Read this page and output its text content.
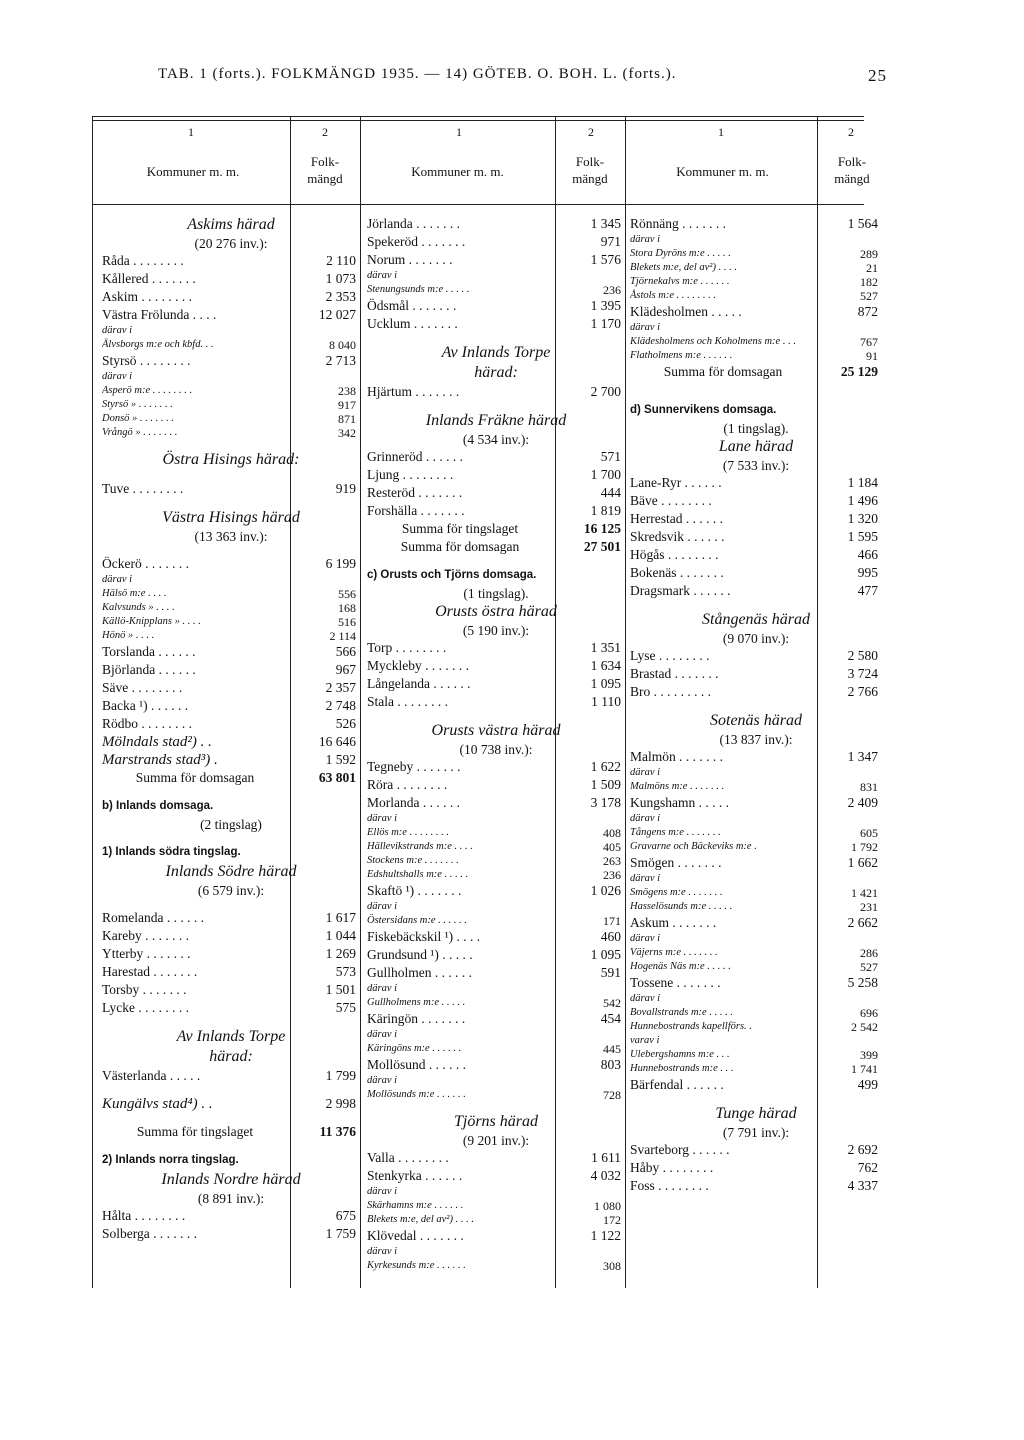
TAB. 1 (forts.). FOLKMÄNGD 1935. — 14) GÖTEB. O. BOH. L. (forts.).	25
1	2	1	2	1	2
Kommuner m. m.
Folk-
mängd	Kommuner m. m.
Folk-
mängd	Kommuner m. m.
Folk-
mängd
Askims härad
(20 276 inv.):
Råda . . . . . . . .	2 110
Kållered . . . . . . .	1 073
Askim . . . . . . . .	2 353
Västra Frölunda . . . .	12 027
därav i
Älvsborgs m:e och kbfd. . .	8 040
Styrsö . . . . . . . .	2 713
därav i
Asperö m:e . . . . . . . .	238
Styrsö » . . . . . . .	917
Donsö » . . . . . . .	871
Vrångö » . . . . . . .	342
Östra Hisings härad:
Tuve . . . . . . . .	919
Västra Hisings härad
(13 363 inv.):
Öckerö . . . . . . .	6 199
därav i
Hälsö m:e . . . .	556
Kalvsunds » . . . .	168
Källö-Knipplans » . . . .	516
Hönö » . . . .	2 114
Torslanda . . . . . .	566
Björlanda . . . . . .	967
Säve . . . . . . . .	2 357
Backa ¹) . . . . . .	2 748
Rödbo . . . . . . . .	526
Mölndals stad²) . .	16 646
Marstrands stad³) .	1 592
Summa för domsagan	63 801
b) Inlands domsaga.
(2 tingslag)
1) Inlands södra tingslag.
Inlands Södre härad
(6 579 inv.):
Romelanda . . . . . .	1 617
Kareby . . . . . . .	1 044
Ytterby . . . . . . .	1 269
Harestad . . . . . . .	573
Torsby . . . . . . .	1 501
Lycke . . . . . . . .	575
Av Inlands Torpe
härad:
Västerlanda . . . . .	1 799
Kungälvs stad⁴) . .	2 998
Summa för tingslaget	11 376
2) Inlands norra tingslag.
Inlands Nordre härad
(8 891 inv.):
Hålta . . . . . . . .	675
Solberga . . . . . . .	1 759
Jörlanda . . . . . . .	1 345
Spekeröd . . . . . . .	971
Norum . . . . . . .	1 576
därav i
Stenungsunds m:e . . . . .	236
Ödsmål . . . . . . .	1 395
Ucklum . . . . . . .	1 170
Av Inlands Torpe
härad:
Hjärtum . . . . . . .	2 700
Inlands Fräkne härad
(4 534 inv.):
Grinneröd . . . . . .	571
Ljung . . . . . . . .	1 700
Resteröd . . . . . . .	444
Forshälla . . . . . . .	1 819
Summa för tingslaget	16 125
Summa för domsagan	27 501
c) Orusts och Tjörns domsaga.
(1 tingslag).
Orusts östra härad
(5 190 inv.):
Torp . . . . . . . .	1 351
Myckleby . . . . . . .	1 634
Långelanda . . . . . .	1 095
Stala . . . . . . . .	1 110
Orusts västra härad
(10 738 inv.):
Tegneby . . . . . . .	1 622
Röra . . . . . . . .	1 509
Morlanda . . . . . .	3 178
därav i
Ellös m:e . . . . . . . .	408
Hällevikstrands m:e . . . .	405
Stockens m:e . . . . . . .	263
Edshultshalls m:e . . . . .	236
Skaftö ¹) . . . . . . .	1 026
därav i
Östersidans m:e . . . . . .	171
Fiskebäckskil ¹) . . . .	460
Grundsund ¹) . . . . .	1 095
Gullholmen . . . . . .	591
därav i
Gullholmens m:e . . . . .	542
Käringön . . . . . . .	454
därav i
Käringöns m:e . . . . . .	445
Mollösund . . . . . .	803
därav i
Mollösunds m:e . . . . . .	728
Tjörns härad
(9 201 inv.):
Valla . . . . . . . .	1 611
Stenkyrka . . . . . .	4 032
därav i
Skärhamns m:e . . . . . .	1 080
Blekets m:e, del av²) . . . .	172
Klövedal . . . . . . .	1 122
därav i
Kyrkesunds m:e . . . . . .	308
Rönnäng . . . . . . .	1 564
därav i
Stora Dyröns m:e . . . . .	289
Blekets m:e, del av²) . . . .	21
Tjörnekalvs m:e . . . . . .	182
Åstols m:e . . . . . . . .	527
Klädesholmen . . . . .	872
därav i
Klädesholmens och Koholmens m:e . . .	767
Flatholmens m:e . . . . . .	91
Summa för domsagan	25 129
d) Sunnervikens domsaga.
(1 tingslag).
Lane härad
(7 533 inv.):
Lane-Ryr . . . . . .	1 184
Bäve . . . . . . . .	1 496
Herrestad . . . . . .	1 320
Skredsvik . . . . . .	1 595
Högås . . . . . . . .	466
Bokenäs . . . . . . .	995
Dragsmark . . . . . .	477
Stångenäs härad
(9 070 inv.):
Lyse . . . . . . . .	2 580
Brastad . . . . . . .	3 724
Bro . . . . . . . . .	2 766
Sotenäs härad
(13 837 inv.):
Malmön . . . . . . .	1 347
därav i
Malmöns m:e . . . . . . .	831
Kungshamn . . . . .	2 409
därav i
Tångens m:e . . . . . . .	605
Gravarne och Bäckeviks m:e .	1 792
Smögen . . . . . . .	1 662
därav i
Smögens m:e . . . . . . .	1 421
Hasselösunds m:e . . . . .	231
Askum . . . . . . .	2 662
därav i
Väjerns m:e . . . . . . .	286
Hogenäs Näs m:e . . . . .	527
Tossene . . . . . . .	5 258
därav i
Bovallstrands m:e . . . . .	696
Hunnebostrands kapellförs. .	2 542
varav i
Ulebergshamns m:e . . .	399
Hunnebostrands m:e . . .	1 741
Bärfendal . . . . . .	499
Tunge härad
(7 791 inv.):
Svarteborg . . . . . .	2 692
Håby . . . . . . . .	762
Foss . . . . . . . .	4 337
